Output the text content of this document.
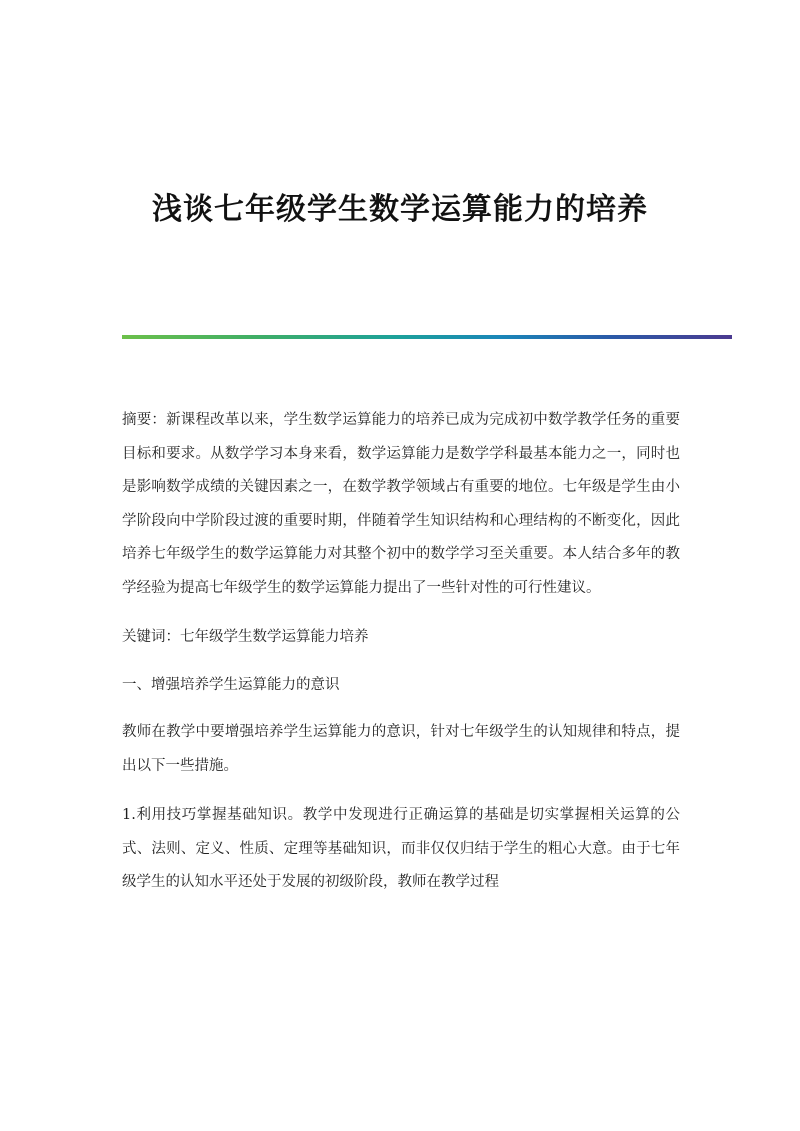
浅谈七年级学生数学运算能力的培养

摘要：新课程改革以来，学生数学运算能力的培养已成为完成初中数学教学任务的重要目标和要求。从数学学习本身来看，数学运算能力是数学学科最基本能力之一，同时也是影响数学成绩的关键因素之一，在数学教学领域占有重要的地位。七年级是学生由小学阶段向中学阶段过渡的重要时期，伴随着学生知识结构和心理结构的不断变化，因此培养七年级学生的数学运算能力对其整个初中的数学学习至关重要。本人结合多年的教学经验为提高七年级学生的数学运算能力提出了一些针对性的可行性建议。

关键词：七年级学生数学运算能力培养

一、增强培养学生运算能力的意识

教师在教学中要增强培养学生运算能力的意识，针对七年级学生的认知规律和特点，提出以下一些措施。

1.利用技巧掌握基础知识。教学中发现进行正确运算的基础是切实掌握相关运算的公式、法则、定义、性质、定理等基础知识，而非仅仅归结于学生的粗心大意。由于七年级学生的认知水平还处于发展的初级阶段，教师在教学过程
